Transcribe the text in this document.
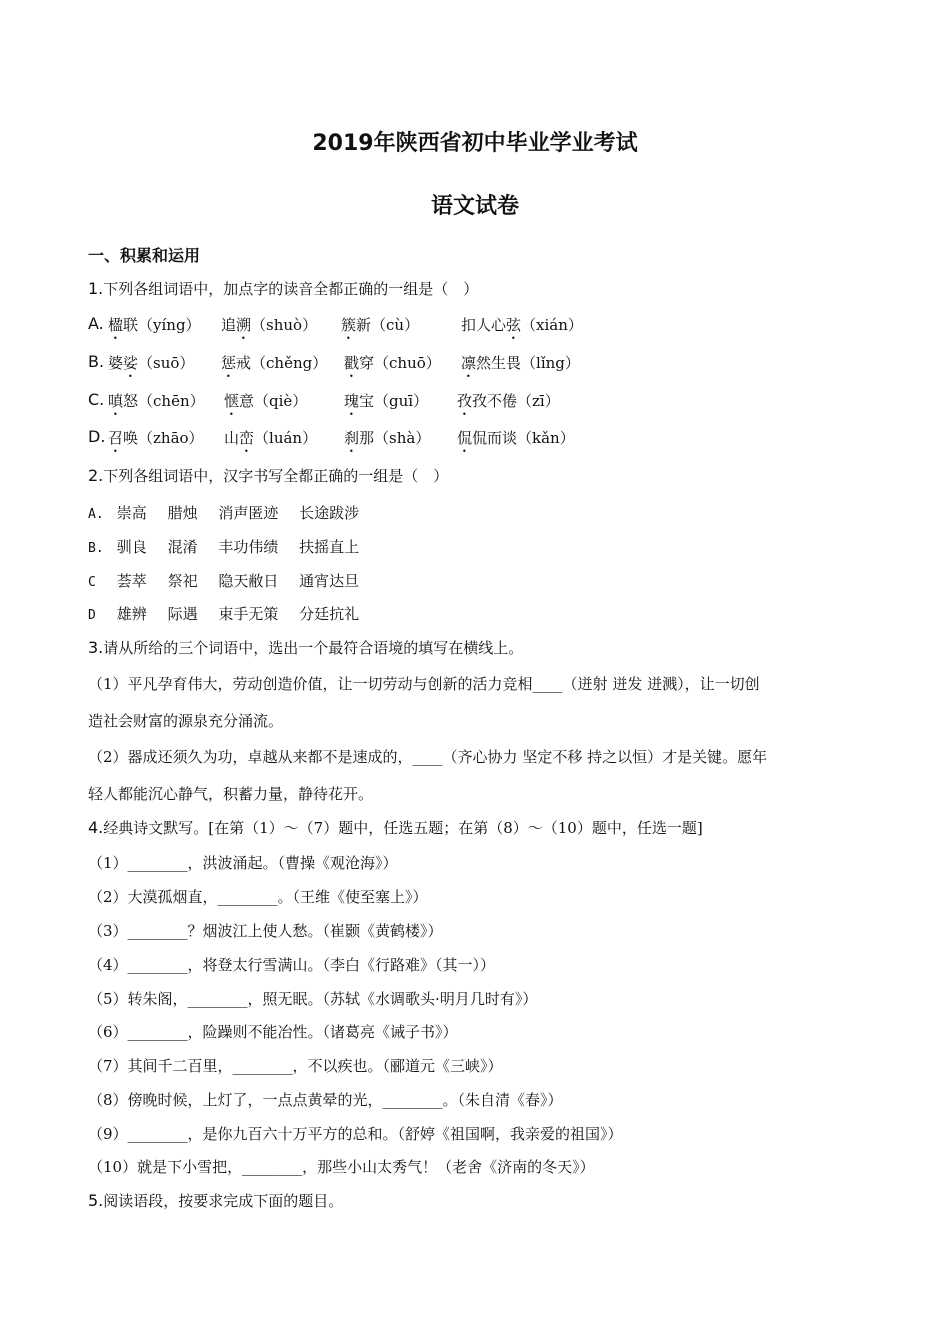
2019年陕西省初中毕业学业考试
语文试卷
一、积累和运用
1.下列各组词语中，加点字的读音全都正确的一组是（　）
A. 楹联（yíng） 追溯（shuò） 簇新（cù）	扣人心弦（xián）
B. 婆娑（suō） 惩戒（chěng） 戳穿（chuō） 凛然生畏（lǐng）
C. 嗔怒（chēn） 惬意（qiè） 瑰宝（guī） 孜孜不倦（zī）
D. 召唤（zhāo） 山峦（luán） 刹那（shà） 侃侃而谈（kǎn）
2.下列各组词语中，汉字书写全都正确的一组是（　）
A. 崇高 腊烛 消声匿迹 长途跋涉
B. 驯良 混淆 丰功伟绩 扶摇直上
C 荟萃 祭祀 隐天敝日 通宵达旦
D 雄辨 际遇 束手无策 分廷抗礼
3.请从所给的三个词语中，选出一个最符合语境的填写在横线上。
（1）平凡孕育伟大，劳动创造价值，让一切劳动与创新的活力竞相____（迸射 迸发 迸溅），让一切创
造社会财富的源泉充分涌流。
（2）器成还须久为功，卓越从来都不是速成的，____（齐心协力 坚定不移 持之以恒）才是关键。愿年
轻人都能沉心静气，积蓄力量，静待花开。
4.经典诗文默写。[在第（1）～（7）题中，任选五题；在第（8）～（10）题中，任选一题]
（1）________，洪波涌起。（曹操《观沧海》）
（2）大漠孤烟直，________。（王维《使至塞上》）
（3）________？烟波江上使人愁。（崔颢《黄鹤楼》）
（4）________，将登太行雪满山。（李白《行路难》（其一））
（5）转朱阁，________，照无眠。（苏轼《水调歌头·明月几时有》）
（6）________，险躁则不能冶性。（诸葛亮《诫子书》）
（7）其间千二百里，________，不以疾也。（郦道元《三峡》）
（8）傍晚时候，上灯了，一点点黄晕的光，________。（朱自清《春》）
（9）________，是你九百六十万平方的总和。（舒婷《祖国啊，我亲爱的祖国》）
（10）就是下小雪把，________，那些小山太秀气！（老舍《济南的冬天》）
5.阅读语段，按要求完成下面的题目。
